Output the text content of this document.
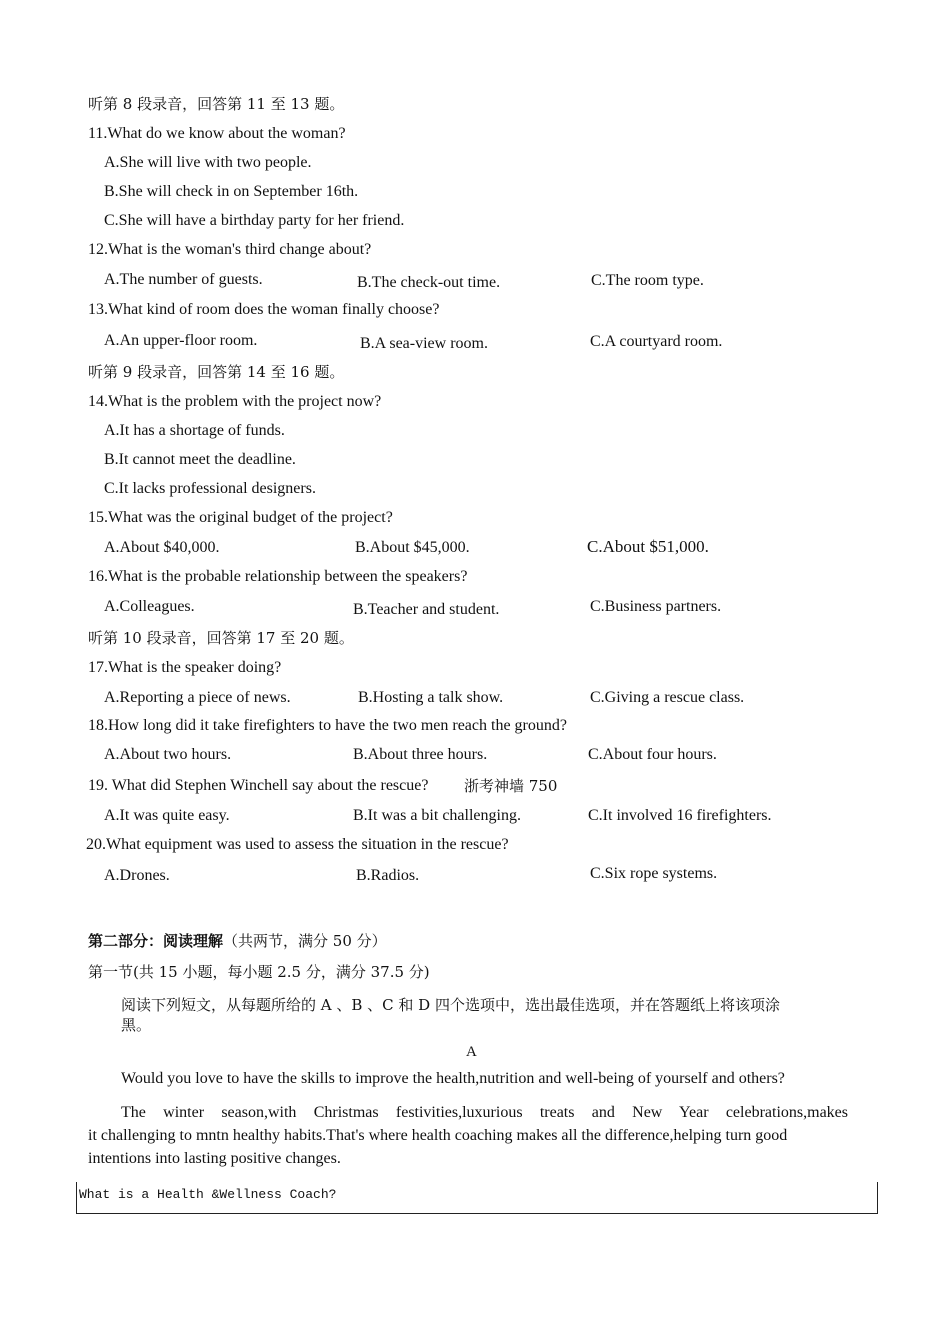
听第 8 段录音，回答第 11 至 13 题。
11.What do we know about the woman?
A.She will live with two people.
B.She will check in on September 16th.
C.She will have a birthday party for her friend.
12.What is the woman's third change about?
A.The number of guests.	B.The check-out time.	C.The room type.
13.What kind of room does the woman finally choose?
A.An upper-floor room.	B.A sea-view room.	C.A courtyard room.
听第 9 段录音，回答第 14 至 16 题。
14.What is the problem with the project now?
A.It has a shortage of funds.
B.It cannot meet the deadline.
C.It lacks professional designers.
15.What was the original budget of the project?
A.About $40,000.	B.About $45,000.	C.About $51,000.
16.What is the probable relationship between the speakers?
A.Colleagues.	B.Teacher and student.	C.Business partners.
听第 10 段录音，回答第 17 至 20 题。
17.What is the speaker doing?
A.Reporting a piece of news.	B.Hosting a talk show.	C.Giving a rescue class.
18.How long did it take firefighters to have the two men reach the ground?
A.About two hours.	B.About three hours.	C.About four hours.
19. What did Stephen Winchell say about the rescue? 浙考神墙 750
A.It was quite easy.	B.It was a bit challenging.	C.It involved 16 firefighters.
20.What equipment was used to assess the situation in the rescue?
A.Drones.	B.Radios.	C.Six rope systems.
第二部分：阅读理解（共两节，满分 50 分）
第一节(共 15 小题，每小题 2.5 分，满分 37.5 分)
阅读下列短文，从每题所给的 A 、B 、C 和 D 四个选项中，选出最佳选项，并在答题纸上将该项涂
黑。
A
Would you love to have the skills to improve the health,nutrition and well-being of yourself and others?
The winter season,with Christmas festivities,luxurious treats and New Year celebrations,makes
it challenging to mntn healthy habits.That's where health coaching makes all the difference,helping turn good
intentions into lasting positive changes.
What is a Health &Wellness Coach?
